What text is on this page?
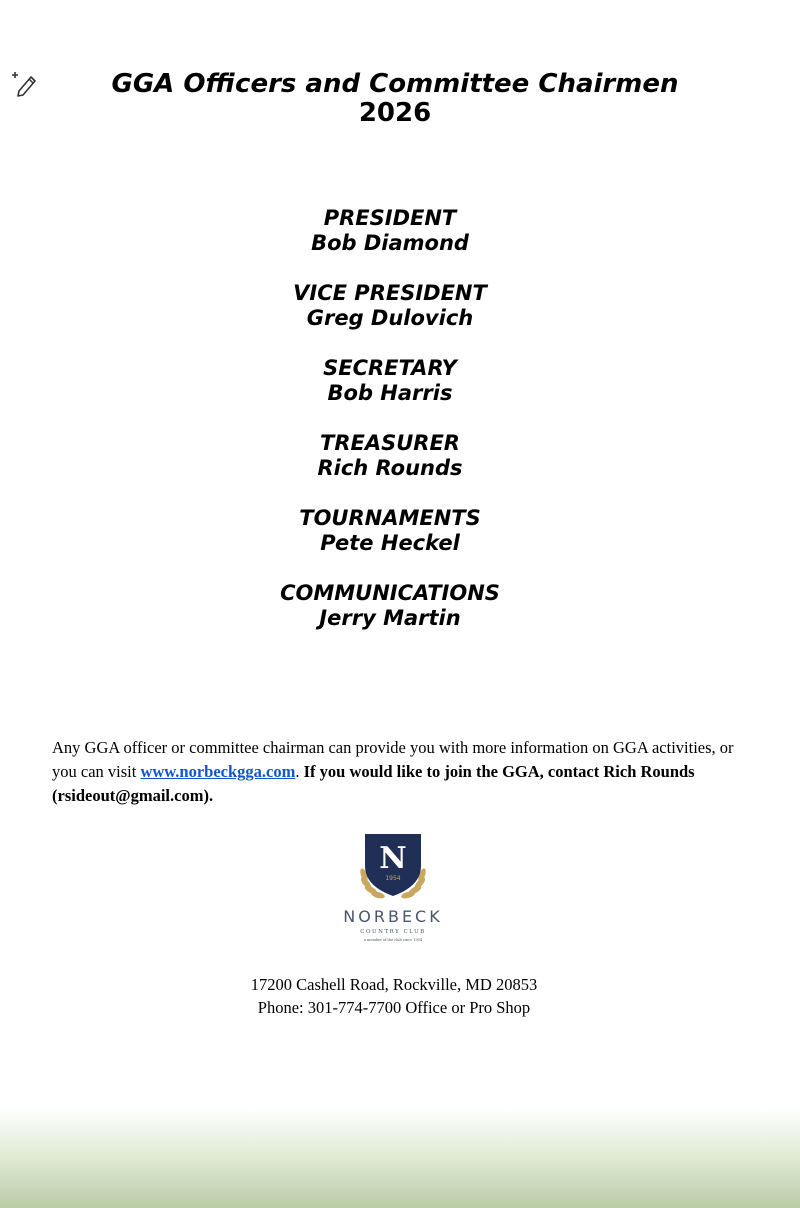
GGA Officers and Committee Chairmen
2026
PRESIDENT
Bob Diamond
VICE PRESIDENT
Greg Dulovich
SECRETARY
Bob Harris
TREASURER
Rich Rounds
TOURNAMENTS
Pete Heckel
COMMUNICATIONS
Jerry Martin
Any GGA officer or committee chairman can provide you with more information on GGA activities, or you can visit www.norbeckgga.com. If you would like to join the GGA, contact Rich Rounds (rsideout@gmail.com).
N
1954
NORBECK
COUNTRY CLUB
a member of the club since 1954
17200 Cashell Road, Rockville, MD 20853
Phone: 301-774-7700 Office or Pro Shop
